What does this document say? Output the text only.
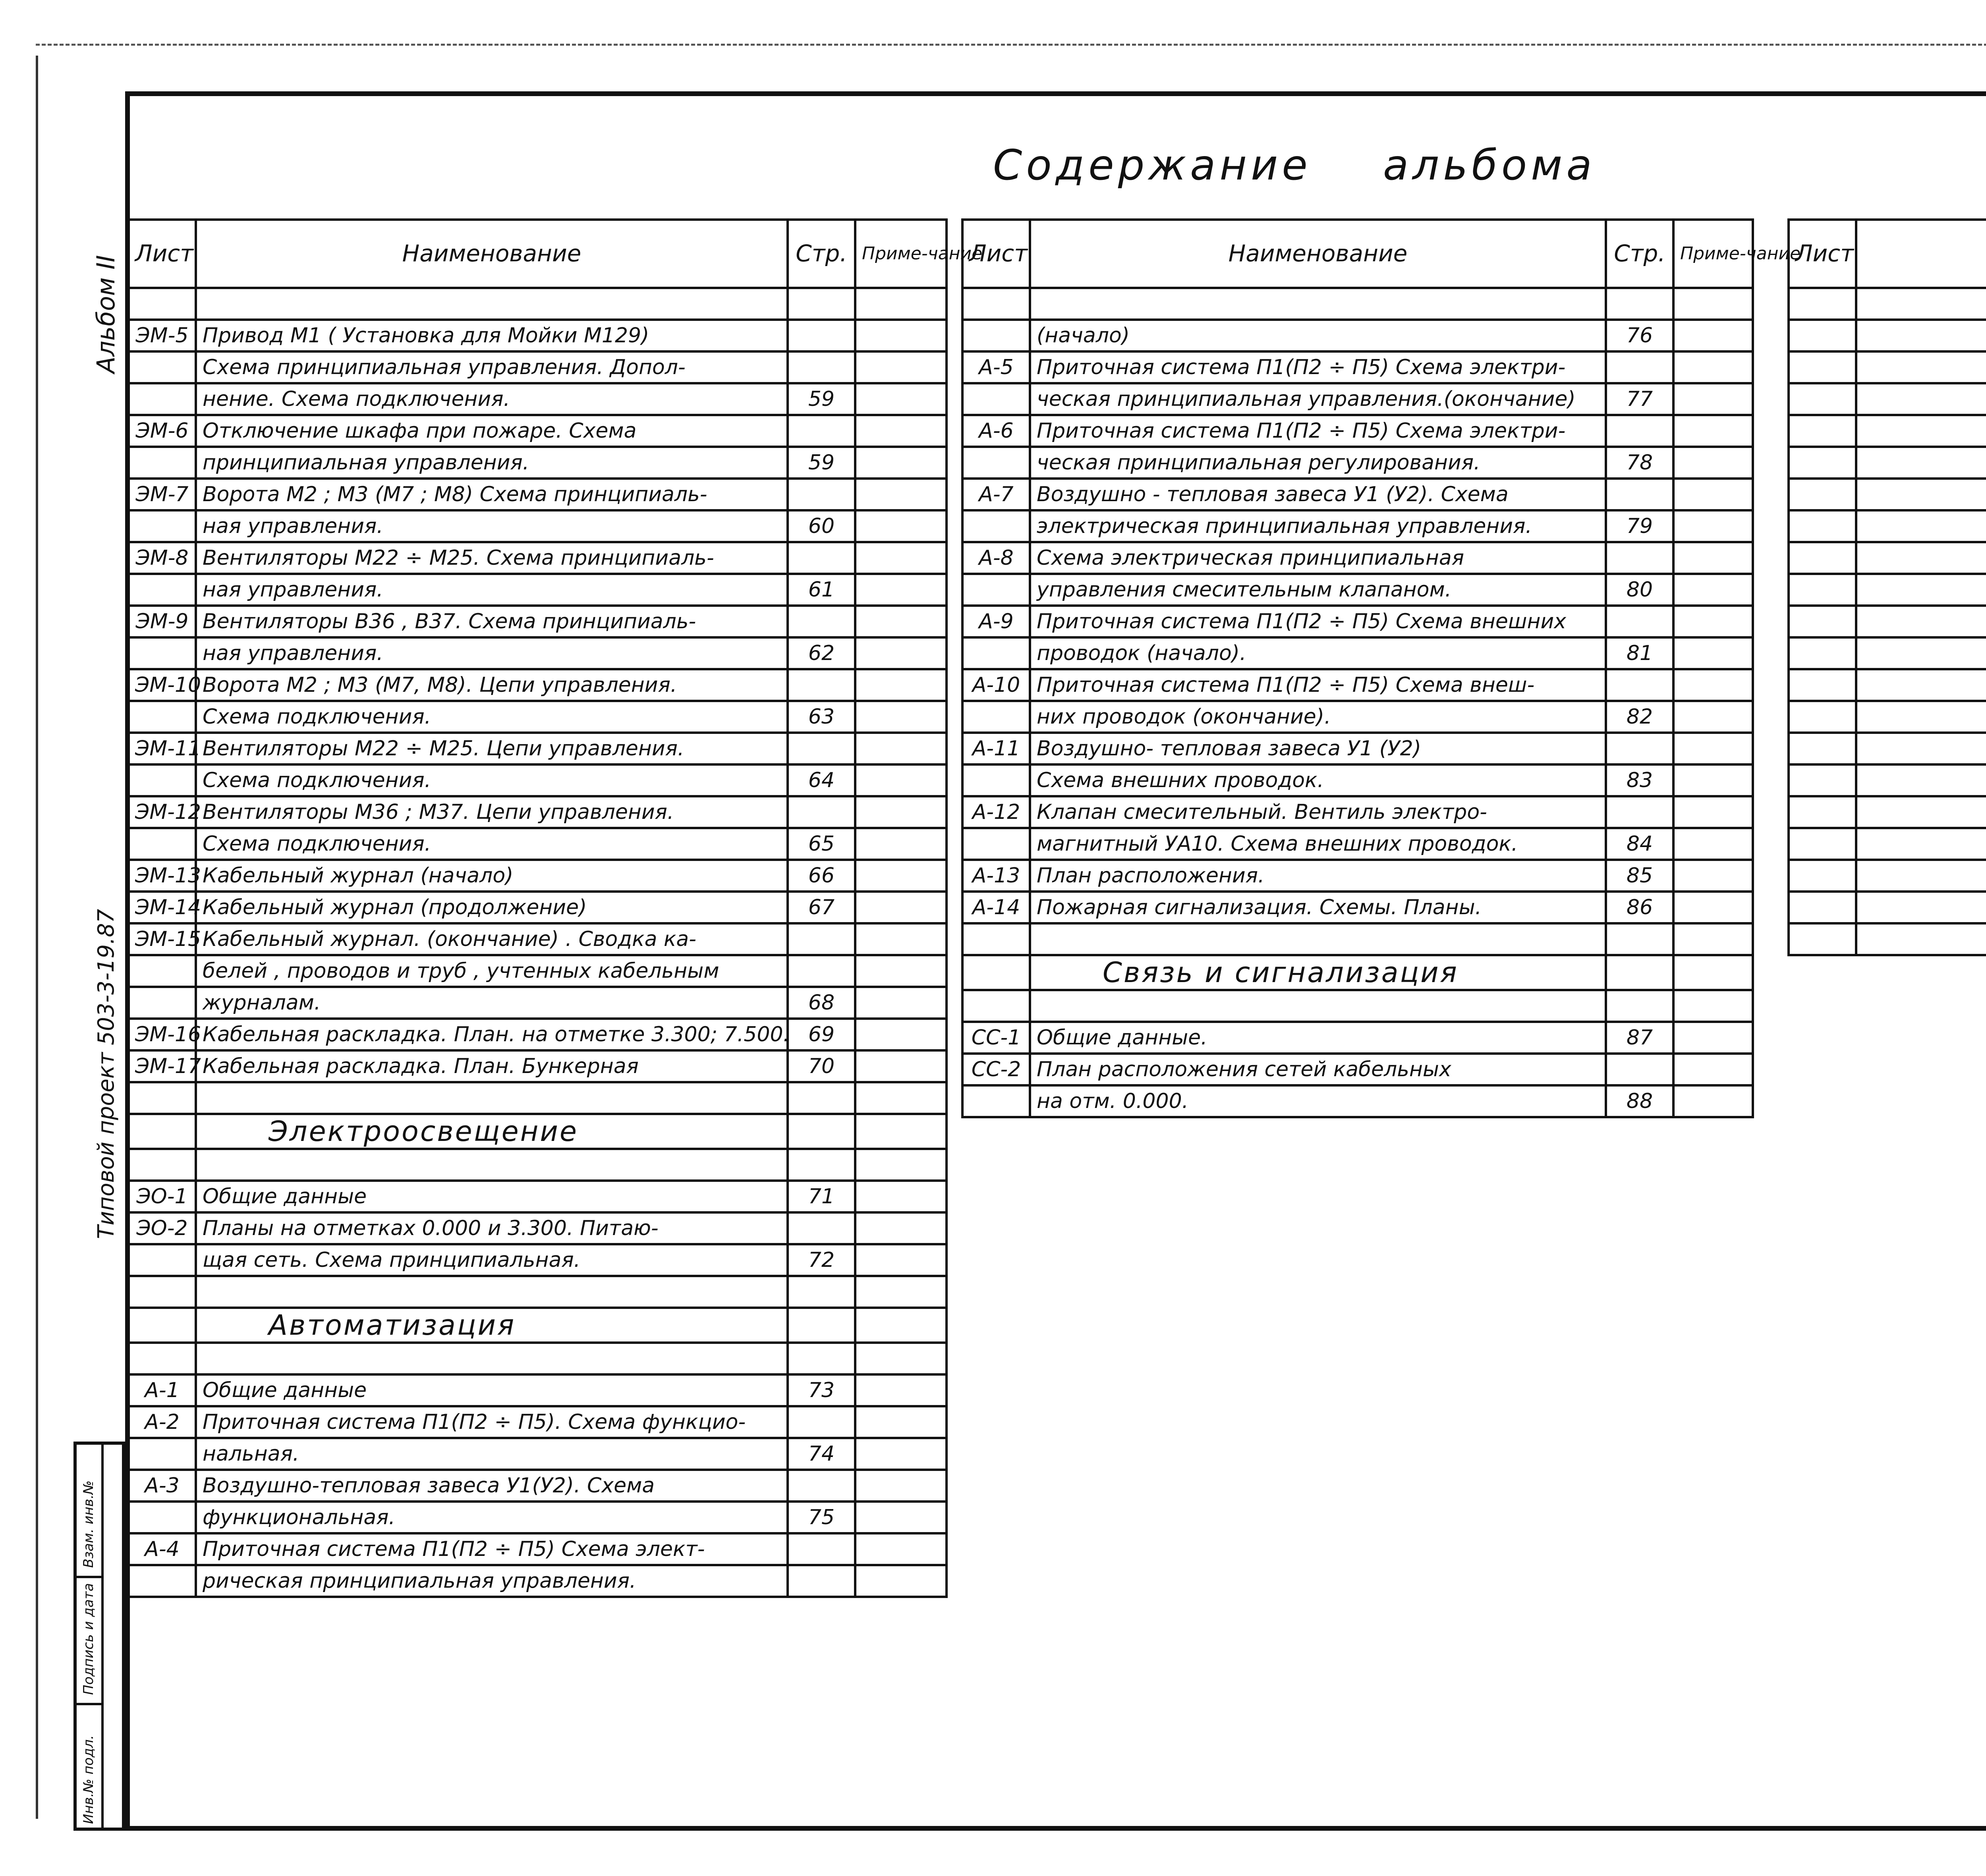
Содержание альбома
Альбом II
Типовой проект 503-3-19.87
Инв.№ подл.
Подпись и дата
Взам. инв.№
Лист	Наименование	Стр.	Приме-чание

ЭМ-5	Привод М1 ( Установка для Мойки М129)		
	Схема принципиальная управления. Допол-		
	нение. Схема подключения.	59	
ЭМ-6	Отключение шкафа при пожаре. Схема		
	принципиальная управления.	59	
ЭМ-7	Ворота М2 ; М3 (М7 ; М8) Схема принципиаль-		
	ная управления.	60	
ЭМ-8	Вентиляторы М22 ÷ М25. Схема принципиаль-		
	ная управления.	61	
ЭМ-9	Вентиляторы В36 , В37. Схема принципиаль-		
	ная управления.	62	
ЭМ-10	Ворота М2 ; М3 (М7, М8). Цепи управления.		
	Схема подключения.	63	
ЭМ-11	Вентиляторы М22 ÷ М25. Цепи управления.		
	Схема подключения.	64	
ЭМ-12	Вентиляторы М36 ; М37. Цепи управления.		
	Схема подключения.	65	
ЭМ-13	Кабельный журнал (начало)	66	
ЭМ-14	Кабельный журнал (продолжение)	67	
ЭМ-15	Кабельный журнал. (окончание) . Сводка ка-		
	белей , проводов и труб , учтенных кабельным		
	журналам.	68	
ЭМ-16	Кабельная раскладка. План. на отметке 3.300; 7.500.	69	
ЭМ-17	Кабельная раскладка. План. Бункерная	70	

	Электроосвещение		

ЭО-1	Общие данные	71	
ЭО-2	Планы на отметках 0.000 и 3.300. Питаю-		
	щая сеть. Схема принципиальная.	72	

	Автоматизация		

А-1	Общие данные	73	
А-2	Приточная система П1(П2 ÷ П5). Схема функцио-		
	нальная.	74	
А-3	Воздушно-тепловая завеса У1(У2). Схема		
	функциональная.	75	
А-4	Приточная система П1(П2 ÷ П5) Схема элект-		
	рическая принципиальная управления.		
Лист	Наименование	Стр.	Приме-чание

	(начало)	76	
А-5	Приточная система П1(П2 ÷ П5) Схема электри-		
	ческая принципиальная управления.(окончание)	77	
А-6	Приточная система П1(П2 ÷ П5) Схема электри-		
	ческая принципиальная регулирования.	78	
А-7	Воздушно - тепловая завеса У1 (У2). Схема		
	электрическая принципиальная управления.	79	
А-8	Схема электрическая принципиальная		
	управления смесительным клапаном.	80	
А-9	Приточная система П1(П2 ÷ П5) Схема внешних		
	проводок (начало).	81	
А-10	Приточная система П1(П2 ÷ П5) Схема внеш-		
	них проводок (окончание).	82	
А-11	Воздушно- тепловая завеса У1 (У2)		
	Схема внешних проводок.	83	
А-12	Клапан смесительный. Вентиль электро-		
	магнитный УА10. Схема внешних проводок.	84	
А-13	План расположения.	85	
А-14	Пожарная сигнализация. Схемы. Планы.	86	

	Связь и сигнализация		

СС-1	Общие данные.	87	
СС-2	План расположения сетей кабельных		
	на отм. 0.000.	88	
Лист			
